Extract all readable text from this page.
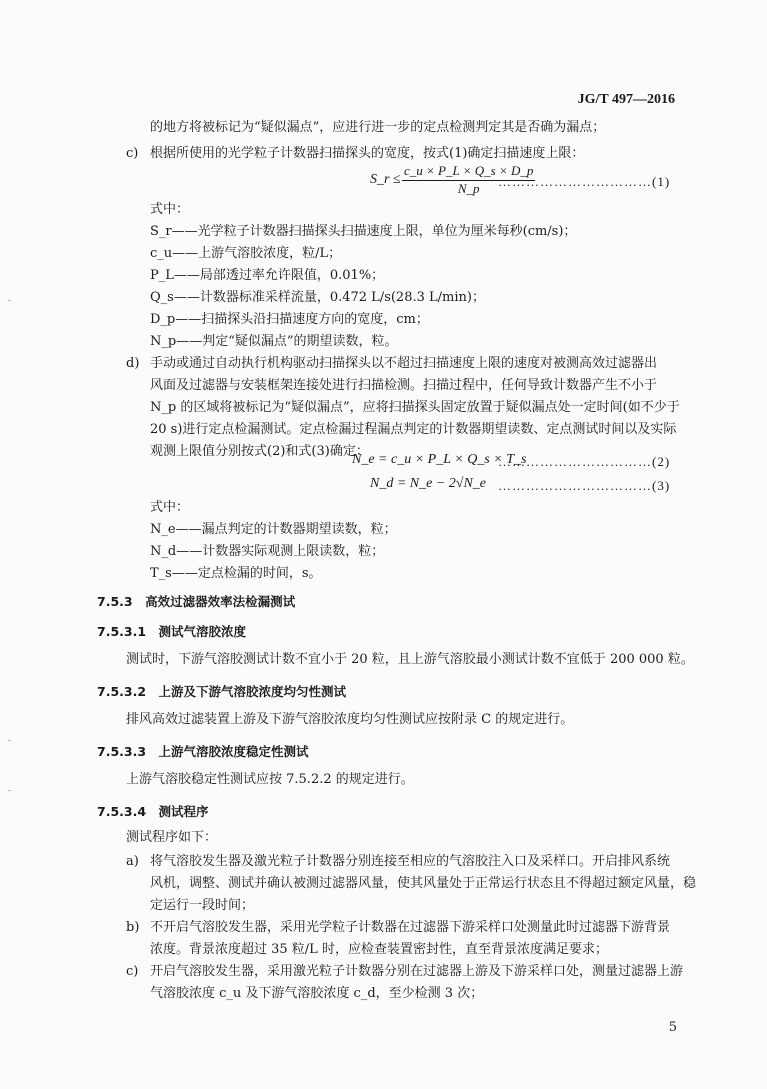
JG/T 497—2016
的地方将被标记为“疑似漏点”，应进行进一步的定点检测判定其是否确为漏点；
c) 根据所使用的光学粒子计数器扫描探头的宽度，按式(1)确定扫描速度上限：
S_r ≤ $\frac{c\_u \times P\_L \times Q\_s \times D\_p}{N\_p}$
……………………………(1)
式中：
S_r——光学粒子计数器扫描探头扫描速度上限，单位为厘米每秒(cm/s)；
c_u——上游气溶胶浓度，粒/L；
P_L——局部透过率允许限值，0.01%；
Q_s——计数器标准采样流量，0.472 L/s(28.3 L/min)；
D_p——扫描探头沿扫描速度方向的宽度，cm；
N_p——判定“疑似漏点”的期望读数，粒。
d) 手动或通过自动执行机构驱动扫描探头以不超过扫描速度上限的速度对被测高效过滤器出
风面及过滤器与安装框架连接处进行扫描检测。扫描过程中，任何导致计数器产生不小于
N_p 的区域将被标记为“疑似漏点”，应将扫描探头固定放置于疑似漏点处一定时间(如不少于
20 s)进行定点检漏测试。定点检漏过程漏点判定的计数器期望读数、定点测试时间以及实际
观测上限值分别按式(2)和式(3)确定：
N_e = c_u × P_L × Q_s × T_s
……………………………(2)
N_d = N_e − 2√N_e ……………………………(3)
式中：
N_e——漏点判定的计数器期望读数，粒；
N_d——计数器实际观测上限读数，粒；
T_s——定点检漏的时间，s。
7.5.3　高效过滤器效率法检漏测试
7.5.3.1　测试气溶胶浓度
测试时，下游气溶胶测试计数不宜小于 20 粒，且上游气溶胶最小测试计数不宜低于 200 000 粒。
7.5.3.2　上游及下游气溶胶浓度均匀性测试
排风高效过滤装置上游及下游气溶胶浓度均匀性测试应按附录 C 的规定进行。
7.5.3.3　上游气溶胶浓度稳定性测试
上游气溶胶稳定性测试应按 7.5.2.2 的规定进行。
7.5.3.4　测试程序
测试程序如下：
a) 将气溶胶发生器及激光粒子计数器分别连接至相应的气溶胶注入口及采样口。开启排风系统
风机，调整、测试并确认被测过滤器风量，使其风量处于正常运行状态且不得超过额定风量，稳
定运行一段时间；
b) 不开启气溶胶发生器，采用光学粒子计数器在过滤器下游采样口处测量此时过滤器下游背景
浓度。背景浓度超过 35 粒/L 时，应检查装置密封性，直至背景浓度满足要求；
c) 开启气溶胶发生器，采用激光粒子计数器分别在过滤器上游及下游采样口处，测量过滤器上游
气溶胶浓度 c_u 及下游气溶胶浓度 c_d，至少检测 3 次；
5
